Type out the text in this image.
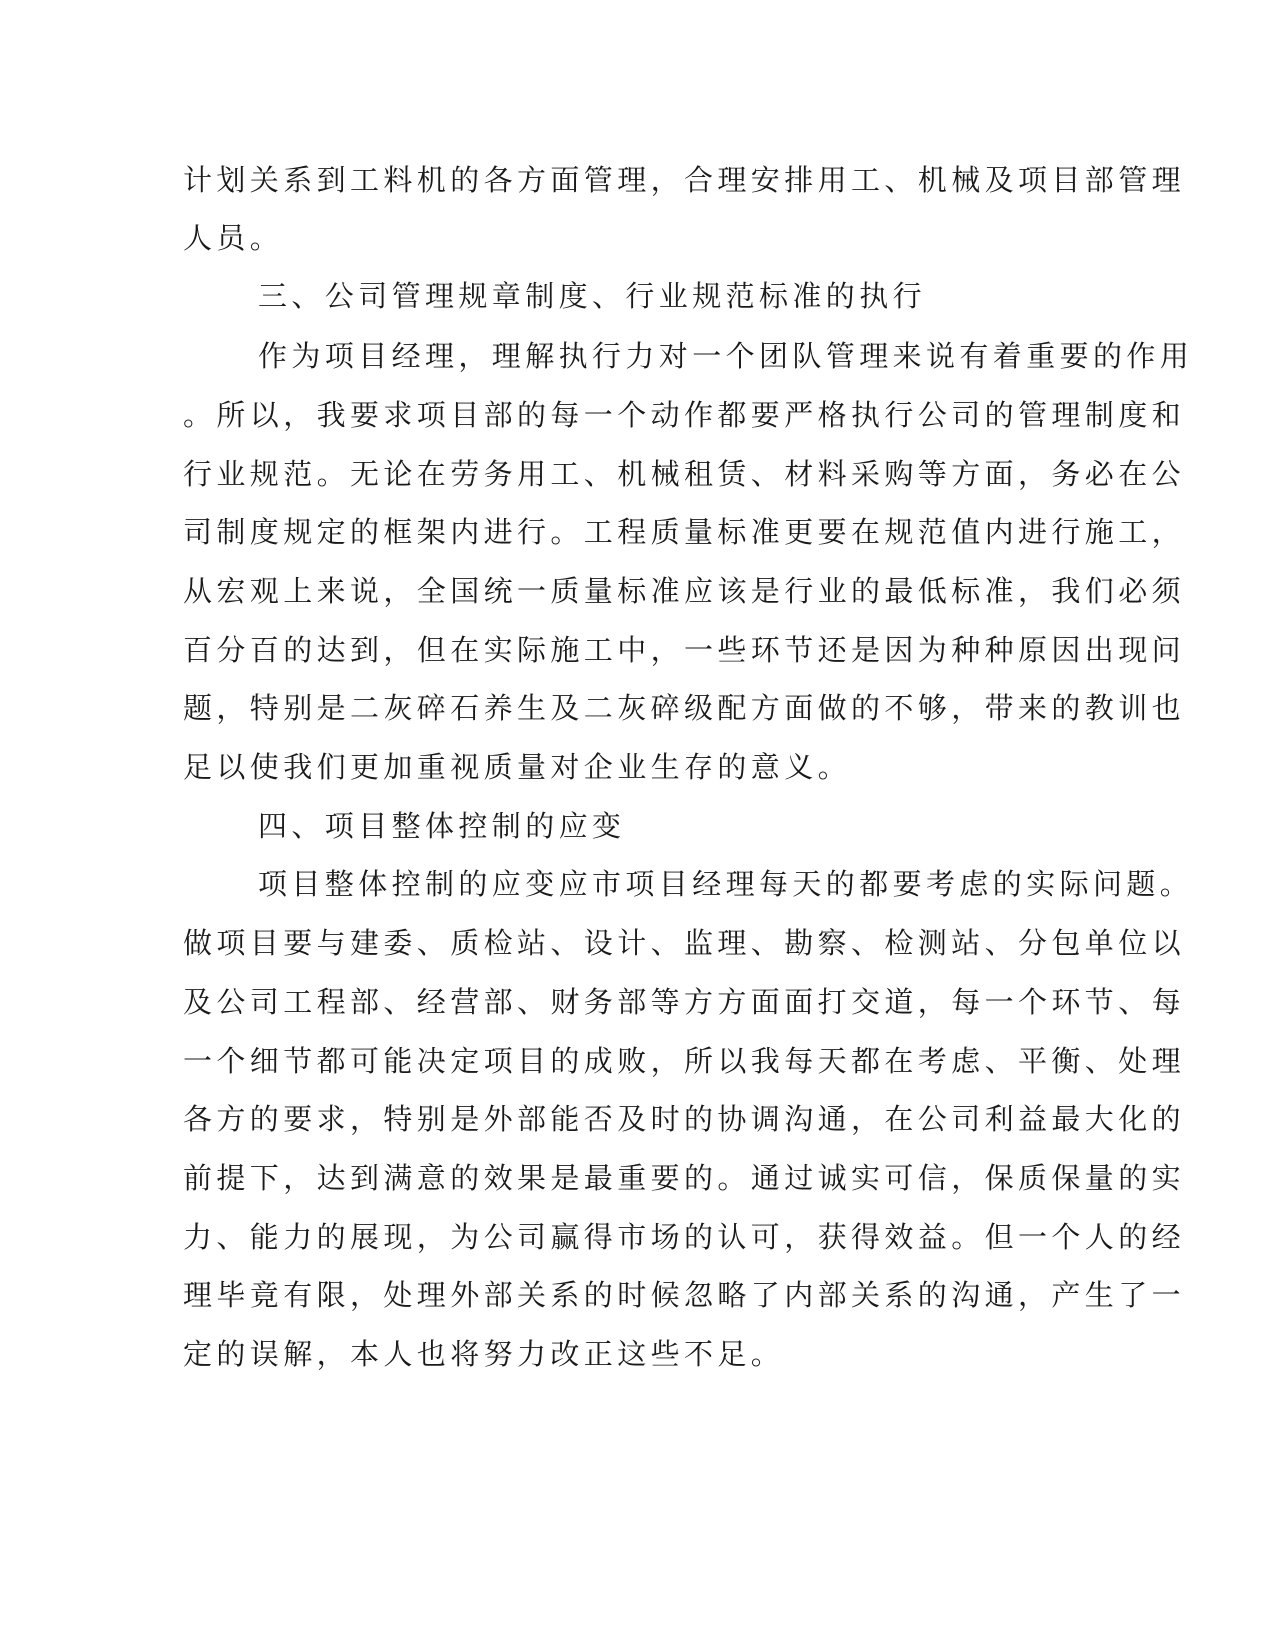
计划关系到工料机的各方面管理，合理安排用工、机械及项目部管理
人员。
三、公司管理规章制度、行业规范标准的执行
作为项目经理，理解执行力对一个团队管理来说有着重要的作用
。所以，我要求项目部的每一个动作都要严格执行公司的管理制度和
行业规范。无论在劳务用工、机械租赁、材料采购等方面，务必在公
司制度规定的框架内进行。工程质量标准更要在规范值内进行施工，
从宏观上来说，全国统一质量标准应该是行业的最低标准，我们必须
百分百的达到，但在实际施工中，一些环节还是因为种种原因出现问
题，特别是二灰碎石养生及二灰碎级配方面做的不够，带来的教训也
足以使我们更加重视质量对企业生存的意义。
四、项目整体控制的应变
项目整体控制的应变应市项目经理每天的都要考虑的实际问题。
做项目要与建委、质检站、设计、监理、勘察、检测站、分包单位以
及公司工程部、经营部、财务部等方方面面打交道，每一个环节、每
一个细节都可能决定项目的成败，所以我每天都在考虑、平衡、处理
各方的要求，特别是外部能否及时的协调沟通，在公司利益最大化的
前提下，达到满意的效果是最重要的。通过诚实可信，保质保量的实
力、能力的展现，为公司赢得市场的认可，获得效益。但一个人的经
理毕竟有限，处理外部关系的时候忽略了内部关系的沟通，产生了一
定的误解，本人也将努力改正这些不足。
